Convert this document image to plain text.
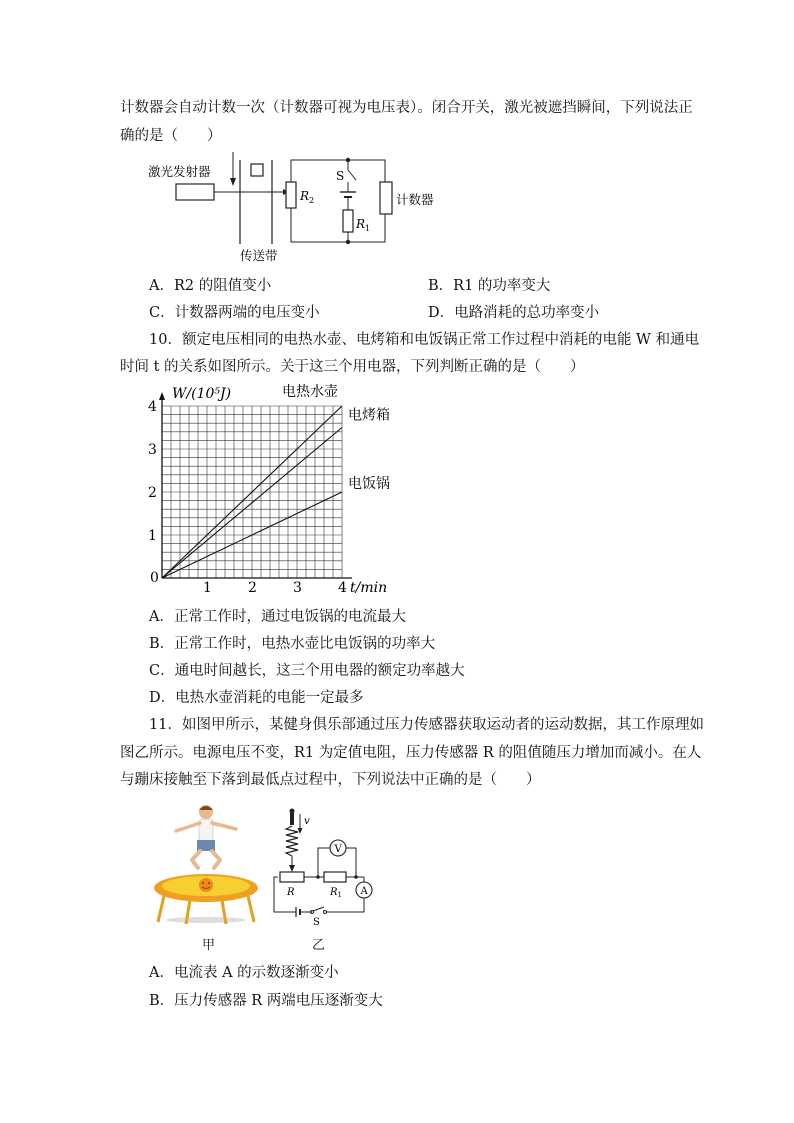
计数器会自动计数一次（计数器可视为电压表）。闭合开关，激光被遮挡瞬间，下列说法正
确的是（　　）
激光发射器
传送带
$R_2$
S
$R_1$
计数器
A．R2 的阻值变小	B．R1 的功率变大
C．计数器两端的电压变小	D．电路消耗的总功率变小
10．额定电压相同的电热水壶、电烤箱和电饭锅正常工作过程中消耗的电能 W 和通电
时间 t 的关系如图所示。关于这三个用电器，下列判断正确的是（　　）
0
1	2	3	4
1
2
3
4
W/(10⁵J)
t/min
电热水壶
电烤箱
电饭锅
A．正常工作时，通过电饭锅的电流最大
B．正常工作时，电热水壶比电饭锅的功率大
C．通电时间越长，这三个用电器的额定功率越大
D．电热水壶消耗的电能一定最多
11．如图甲所示，某健身俱乐部通过压力传感器获取运动者的运动数据，其工作原理如
图乙所示。电源电压不变，R1 为定值电阻，压力传感器 R 的阻值随压力增加而减小。在人
与蹦床接触至下落到最低点过程中，下列说法中正确的是（　　）
甲
v
R	$R_1$
V
A
S
乙
A．电流表 A 的示数逐渐变小
B．压力传感器 R 两端电压逐渐变大
